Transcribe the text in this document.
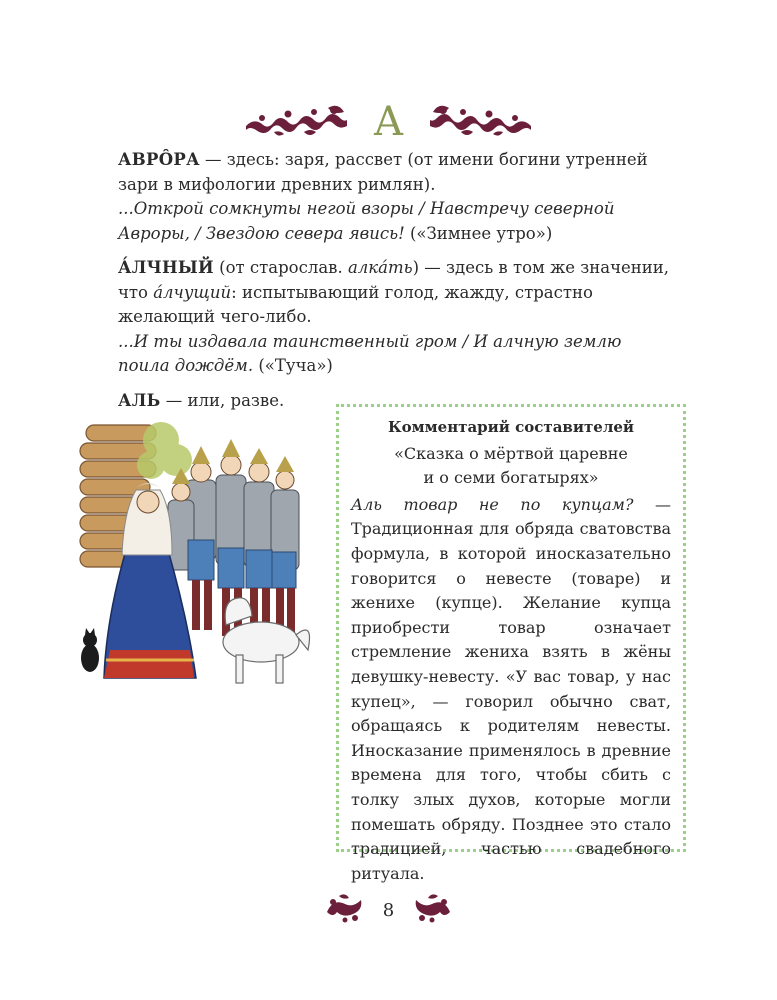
А

АВРÔРА — здесь: заря, рассвет (от имени богини утренней зари в мифологии древних римлян).

...Открой сомкнуты негой взоры / Навстречу северной Авроры, / Звездою севера явись! («Зимнее утро»)

А́ЛЧНЫЙ (от старослав. алка́ть) — здесь в том же значении, что а́лчущий: испытывающий голод, жажду, страстно желающий чего-либо.

...И ты издавала таинственный гром / И алчную землю поила дождём. («Туча»)

АЛЬ — или, разве.

Комментарий составителей
«Сказка о мёртвой царевне
и о семи богатырях»
Аль товар не по купцам? — Традиционная для обряда сватовства формула, в которой иносказательно говорится о невесте (товаре) и женихе (купце). Желание купца приобрести товар означает стремление жениха взять в жёны девушку-невесту. «У вас товар, у нас купец», — говорил обычно сват, обращаясь к родителям невесты. Иносказание применялось в древние времена для того, чтобы сбить с толку злых духов, которые могли помешать обряду. Позднее это стало традицией, частью свадебного ритуала.
8
